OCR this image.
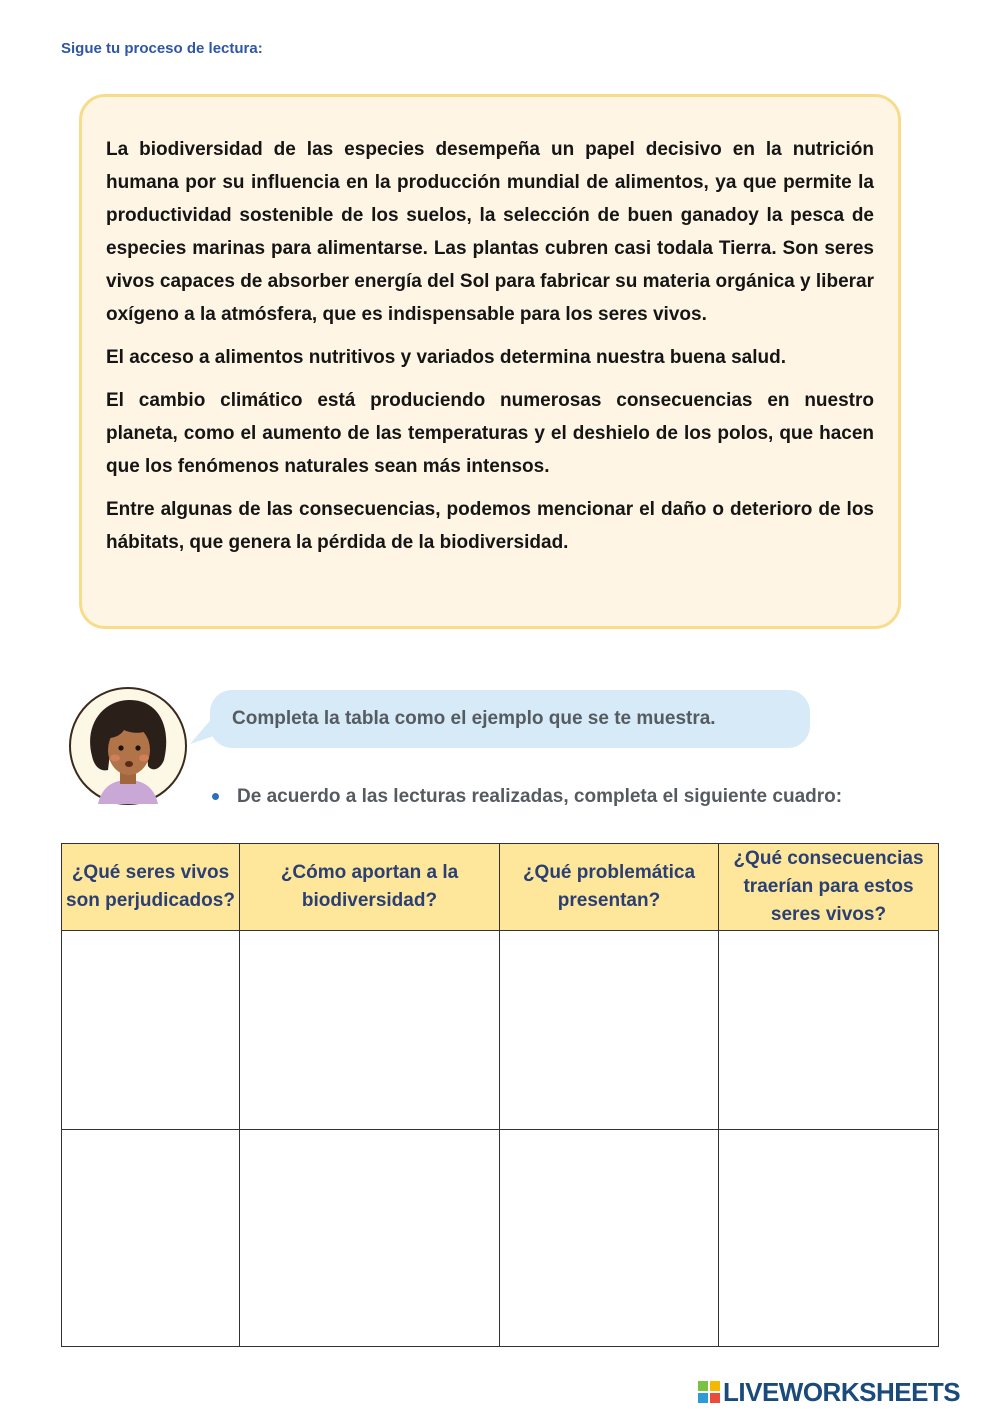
Sigue tu proceso de lectura:

La biodiversidad de las especies desempeña un papel decisivo en la nutrición humana por su influencia en la producción mundial de alimentos, ya que permite la productividad sostenible de los suelos, la selección de buen ganadoy la pesca de especies marinas para alimentarse. Las plantas cubren casi todala Tierra. Son seres vivos capaces de absorber energía del Sol para fabricar su materia orgánica y liberar oxígeno a la atmósfera, que es indispensable para los seres vivos.

El acceso a alimentos nutritivos y variados determina nuestra buena salud.

El cambio climático está produciendo numerosas consecuencias en nuestro planeta, como el aumento de las temperaturas y el deshielo de los polos, que hacen que los fenómenos naturales sean más intensos.

Entre algunas de las consecuencias, podemos mencionar el daño o deterioro de los hábitats, que genera la pérdida de la biodiversidad.

Completa la tabla como el ejemplo que se te muestra.
De acuerdo a las lecturas realizadas, completa el siguiente cuadro:
¿Qué seres vivos son perjudicados?	¿Cómo aportan a la biodiversidad?	¿Qué problemática presentan?	¿Qué consecuencias traerían para estos seres vivos?

LIVEWORKSHEETS
